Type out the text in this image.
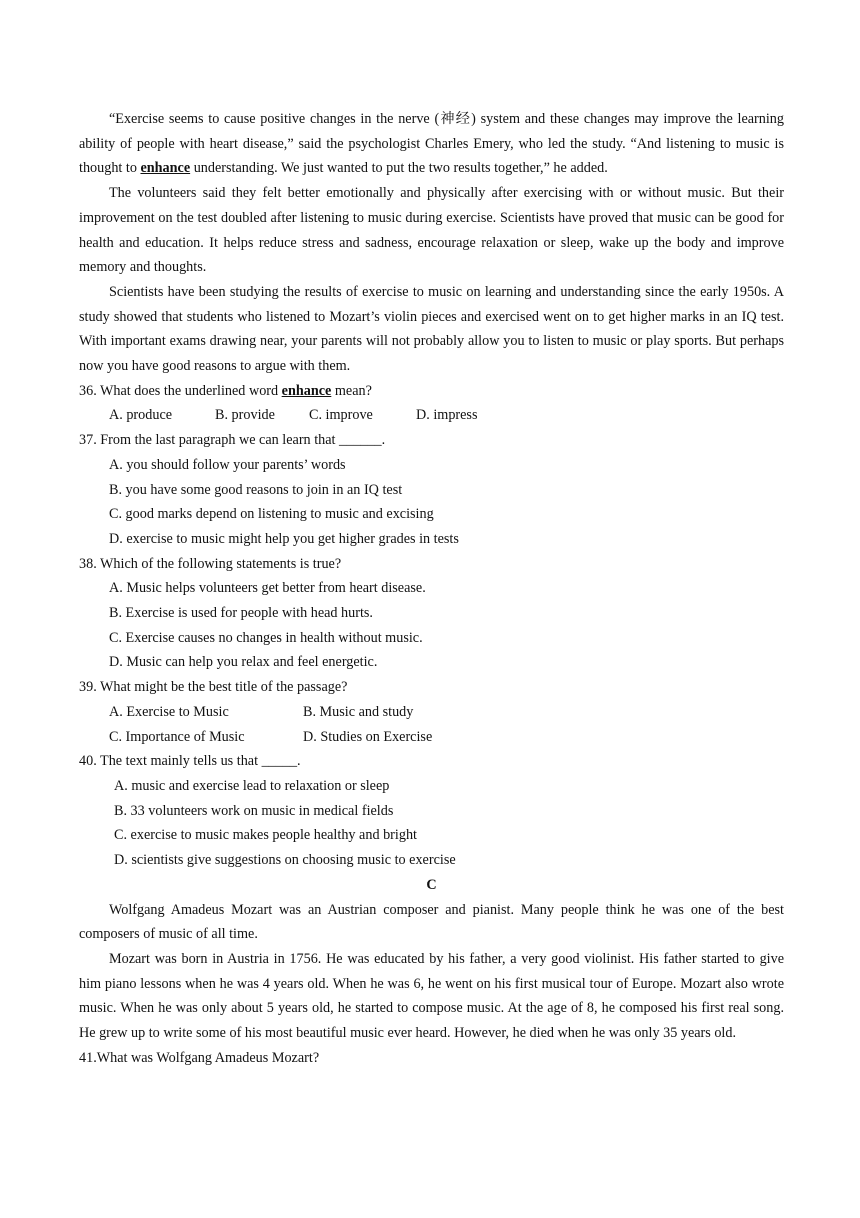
“Exercise seems to cause positive changes in the nerve (神经) system and these changes may improve the learning ability of people with heart disease,” said the psychologist Charles Emery, who led the study. “And listening to music is thought to enhance understanding. We just wanted to put the two results together,” he added.

The volunteers said they felt better emotionally and physically after exercising with or without music. But their improvement on the test doubled after listening to music during exercise. Scientists have proved that music can be good for health and education. It helps reduce stress and sadness, encourage relaxation or sleep, wake up the body and improve memory and thoughts.

Scientists have been studying the results of exercise to music on learning and understanding since the early 1950s. A study showed that students who listened to Mozart’s violin pieces and exercised went on to get higher marks in an IQ test. With important exams drawing near, your parents will not probably allow you to listen to music or play sports. But perhaps now you have good reasons to argue with them.

36. What does the underlined word enhance mean?

A. produce	B. provide	C. improve	D. impress

37. From the last paragraph we can learn that ______.

A. you should follow your parents’ words
B. you have some good reasons to join in an IQ test
C. good marks depend on listening to music and excising
D. exercise to music might help you get higher grades in tests

38. Which of the following statements is true?

A. Music helps volunteers get better from heart disease.
B. Exercise is used for people with head hurts.
C. Exercise causes no changes in health without music.
D. Music can help you relax and feel energetic.

39. What might be the best title of the passage?

A. Exercise to Music	B. Music and study
C. Importance of Music	D. Studies on Exercise

40. The text mainly tells us that _____.

A. music and exercise lead to relaxation or sleep
B. 33 volunteers work on music in medical fields
C. exercise to music makes people healthy and bright
D. scientists give suggestions on choosing music to exercise

C

Wolfgang Amadeus Mozart was an Austrian composer and pianist. Many people think he was one of the best composers of music of all time.

Mozart was born in Austria in 1756. He was educated by his father, a very good violinist. His father started to give him piano lessons when he was 4 years old. When he was 6, he went on his first musical tour of Europe. Mozart also wrote music. When he was only about 5 years old, he started to compose music. At the age of 8, he composed his first real song. He grew up to write some of his most beautiful music ever heard. However, he died when he was only 35 years old.

41.What was Wolfgang Amadeus Mozart?
